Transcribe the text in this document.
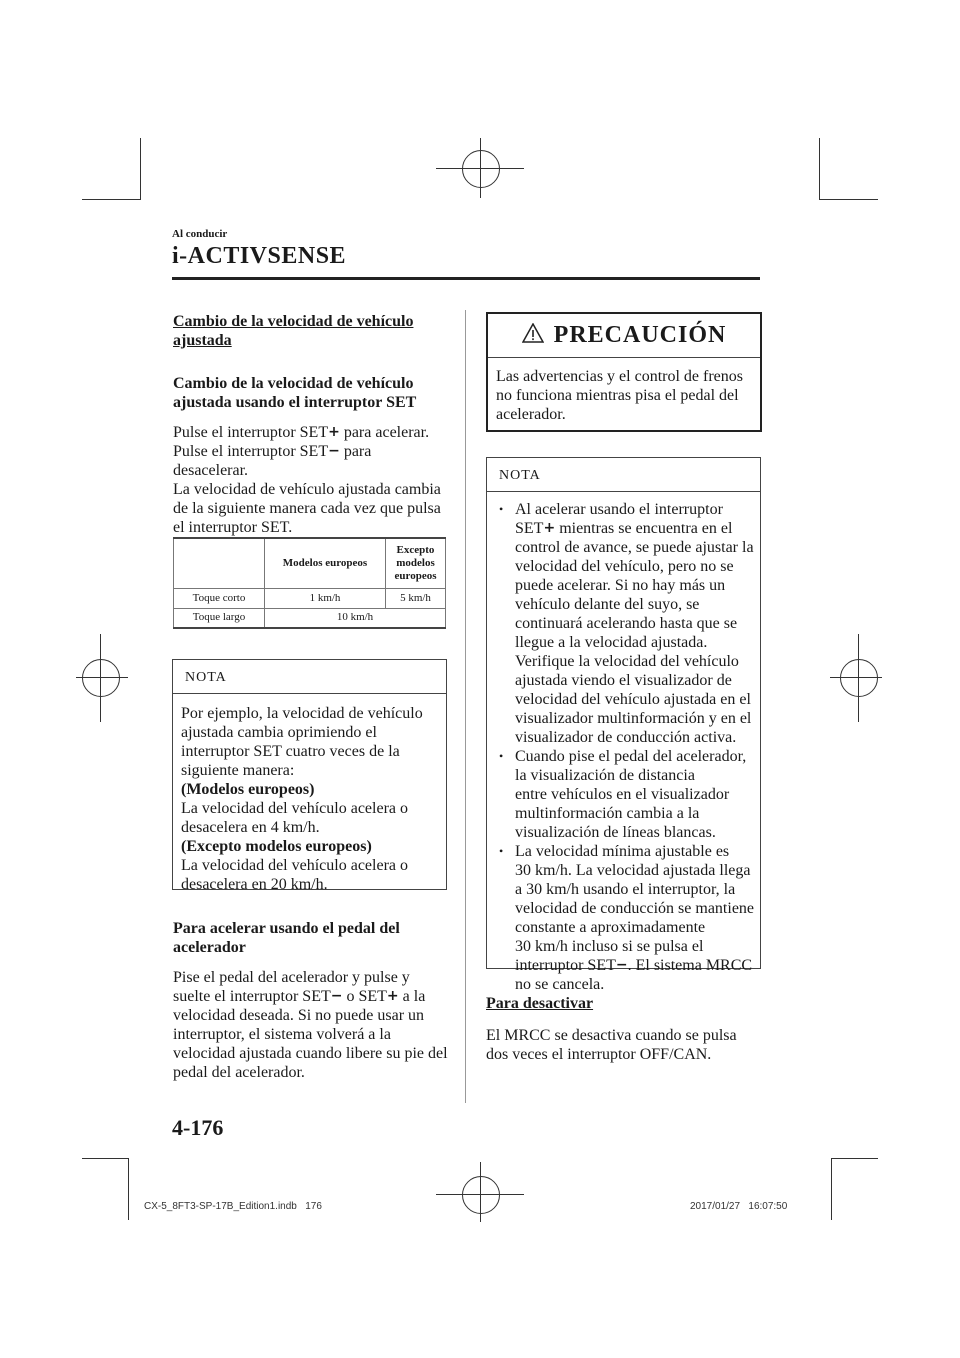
Al conducir
i-ACTIVSENSE
Cambio de la velocidad de vehículo
ajustada
Cambio de la velocidad de vehículo
ajustada usando el interruptor SET
Pulse el interruptor SET+ para acelerar.
Pulse el interruptor SET− para
desacelerar.
La velocidad de vehículo ajustada cambia
de la siguiente manera cada vez que pulsa
el interruptor SET.
	Modelos europeos	Excepto
modelos
europeos

Toque corto	1 km/h	5 km/h
Toque largo	10 km/h	
NOTA
Por ejemplo, la velocidad de vehículo
ajustada cambia oprimiendo el
interruptor SET cuatro veces de la
siguiente manera:
(Modelos europeos)
La velocidad del vehículo acelera o
desacelera en 4 km/h.
(Excepto modelos europeos)
La velocidad del vehículo acelera o
desacelera en 20 km/h.
Para acelerar usando el pedal del
acelerador
Pise el pedal del acelerador y pulse y
suelte el interruptor SET− o SET+ a la
velocidad deseada. Si no puede usar un
interruptor, el sistema volverá a la
velocidad ajustada cuando libere su pie del
pedal del acelerador.
PRECAUCIÓN
Las advertencias y el control de frenos
no funciona mientras pisa el pedal del
acelerador.
NOTA
• Al acelerar usando el interruptor
SET+ mientras se encuentra en el
control de avance, se puede ajustar la
velocidad del vehículo, pero no se
puede acelerar. Si no hay más un
vehículo delante del suyo, se
continuará acelerando hasta que se
llegue a la velocidad ajustada.
Verifique la velocidad del vehículo
ajustada viendo el visualizador de
velocidad del vehículo ajustada en el
visualizador multinformación y en el
visualizador de conducción activa.
• Cuando pise el pedal del acelerador,
la visualización de distancia
entre vehículos en el visualizador
multinformación cambia a la
visualización de líneas blancas.
• La velocidad mínima ajustable es
30 km/h. La velocidad ajustada llega
a 30 km/h usando el interruptor, la
velocidad de conducción se mantiene
constante a aproximadamente
30 km/h incluso si se pulsa el
interruptor SET−. El sistema MRCC
no se cancela.
Para desactivar
El MRCC se desactiva cuando se pulsa
dos veces el interruptor OFF/CAN.
4-176
CX-5_8FT3-SP-17B_Edition1.indb   176	2017/01/27   16:07:50
